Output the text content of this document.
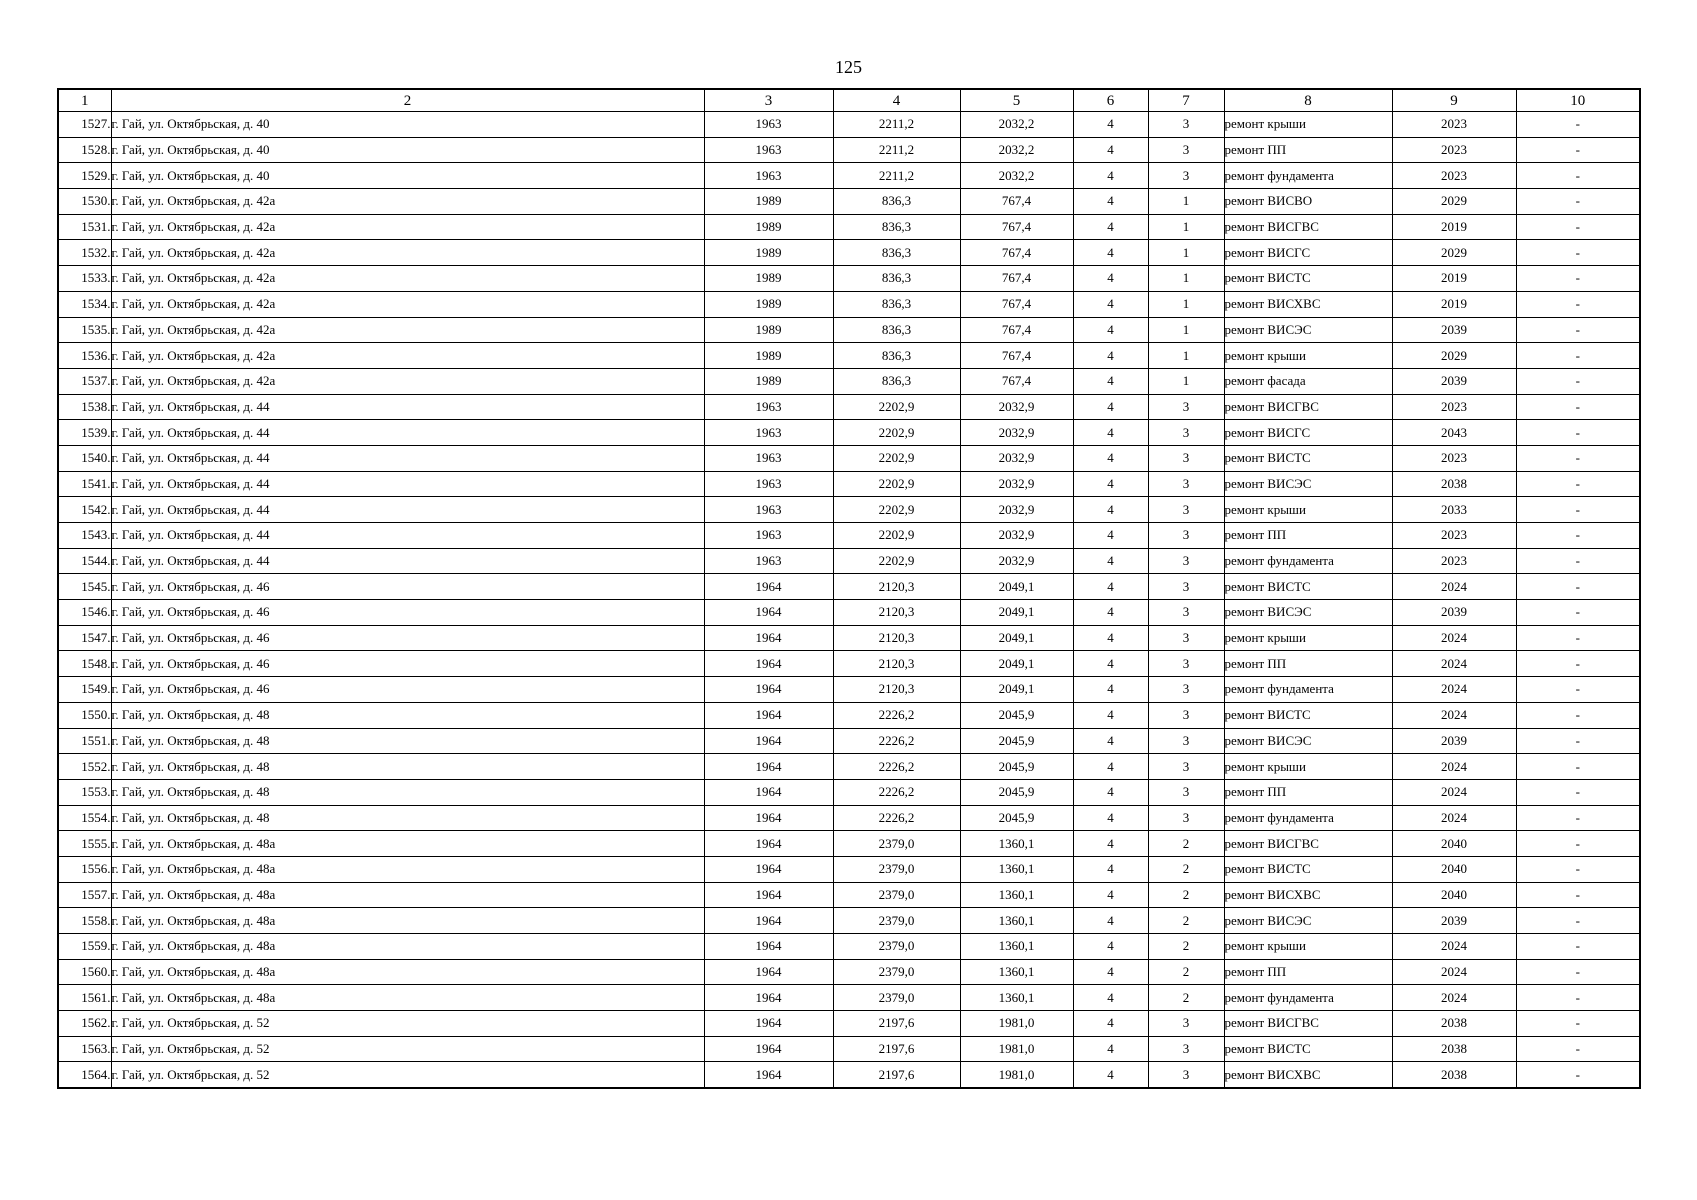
125
1	2	3	4	5	6	7	8	9	10
1527.	г. Гай, ул. Октябрьская, д. 40	1963	2211,2	2032,2	4	3	ремонт крыши	2023	-
1528.	г. Гай, ул. Октябрьская, д. 40	1963	2211,2	2032,2	4	3	ремонт ПП	2023	-
1529.	г. Гай, ул. Октябрьская, д. 40	1963	2211,2	2032,2	4	3	ремонт фундамента	2023	-
1530.	г. Гай, ул. Октябрьская, д. 42а	1989	836,3	767,4	4	1	ремонт ВИСВО	2029	-
1531.	г. Гай, ул. Октябрьская, д. 42а	1989	836,3	767,4	4	1	ремонт ВИСГВС	2019	-
1532.	г. Гай, ул. Октябрьская, д. 42а	1989	836,3	767,4	4	1	ремонт ВИСГС	2029	-
1533.	г. Гай, ул. Октябрьская, д. 42а	1989	836,3	767,4	4	1	ремонт ВИСТС	2019	-
1534.	г. Гай, ул. Октябрьская, д. 42а	1989	836,3	767,4	4	1	ремонт ВИСХВС	2019	-
1535.	г. Гай, ул. Октябрьская, д. 42а	1989	836,3	767,4	4	1	ремонт ВИСЭС	2039	-
1536.	г. Гай, ул. Октябрьская, д. 42а	1989	836,3	767,4	4	1	ремонт крыши	2029	-
1537.	г. Гай, ул. Октябрьская, д. 42а	1989	836,3	767,4	4	1	ремонт фасада	2039	-
1538.	г. Гай, ул. Октябрьская, д. 44	1963	2202,9	2032,9	4	3	ремонт ВИСГВС	2023	-
1539.	г. Гай, ул. Октябрьская, д. 44	1963	2202,9	2032,9	4	3	ремонт ВИСГС	2043	-
1540.	г. Гай, ул. Октябрьская, д. 44	1963	2202,9	2032,9	4	3	ремонт ВИСТС	2023	-
1541.	г. Гай, ул. Октябрьская, д. 44	1963	2202,9	2032,9	4	3	ремонт ВИСЭС	2038	-
1542.	г. Гай, ул. Октябрьская, д. 44	1963	2202,9	2032,9	4	3	ремонт крыши	2033	-
1543.	г. Гай, ул. Октябрьская, д. 44	1963	2202,9	2032,9	4	3	ремонт ПП	2023	-
1544.	г. Гай, ул. Октябрьская, д. 44	1963	2202,9	2032,9	4	3	ремонт фундамента	2023	-
1545.	г. Гай, ул. Октябрьская, д. 46	1964	2120,3	2049,1	4	3	ремонт ВИСТС	2024	-
1546.	г. Гай, ул. Октябрьская, д. 46	1964	2120,3	2049,1	4	3	ремонт ВИСЭС	2039	-
1547.	г. Гай, ул. Октябрьская, д. 46	1964	2120,3	2049,1	4	3	ремонт крыши	2024	-
1548.	г. Гай, ул. Октябрьская, д. 46	1964	2120,3	2049,1	4	3	ремонт ПП	2024	-
1549.	г. Гай, ул. Октябрьская, д. 46	1964	2120,3	2049,1	4	3	ремонт фундамента	2024	-
1550.	г. Гай, ул. Октябрьская, д. 48	1964	2226,2	2045,9	4	3	ремонт ВИСТС	2024	-
1551.	г. Гай, ул. Октябрьская, д. 48	1964	2226,2	2045,9	4	3	ремонт ВИСЭС	2039	-
1552.	г. Гай, ул. Октябрьская, д. 48	1964	2226,2	2045,9	4	3	ремонт крыши	2024	-
1553.	г. Гай, ул. Октябрьская, д. 48	1964	2226,2	2045,9	4	3	ремонт ПП	2024	-
1554.	г. Гай, ул. Октябрьская, д. 48	1964	2226,2	2045,9	4	3	ремонт фундамента	2024	-
1555.	г. Гай, ул. Октябрьская, д. 48а	1964	2379,0	1360,1	4	2	ремонт ВИСГВС	2040	-
1556.	г. Гай, ул. Октябрьская, д. 48а	1964	2379,0	1360,1	4	2	ремонт ВИСТС	2040	-
1557.	г. Гай, ул. Октябрьская, д. 48а	1964	2379,0	1360,1	4	2	ремонт ВИСХВС	2040	-
1558.	г. Гай, ул. Октябрьская, д. 48а	1964	2379,0	1360,1	4	2	ремонт ВИСЭС	2039	-
1559.	г. Гай, ул. Октябрьская, д. 48а	1964	2379,0	1360,1	4	2	ремонт крыши	2024	-
1560.	г. Гай, ул. Октябрьская, д. 48а	1964	2379,0	1360,1	4	2	ремонт ПП	2024	-
1561.	г. Гай, ул. Октябрьская, д. 48а	1964	2379,0	1360,1	4	2	ремонт фундамента	2024	-
1562.	г. Гай, ул. Октябрьская, д. 52	1964	2197,6	1981,0	4	3	ремонт ВИСГВС	2038	-
1563.	г. Гай, ул. Октябрьская, д. 52	1964	2197,6	1981,0	4	3	ремонт ВИСТС	2038	-
1564.	г. Гай, ул. Октябрьская, д. 52	1964	2197,6	1981,0	4	3	ремонт ВИСХВС	2038	-
